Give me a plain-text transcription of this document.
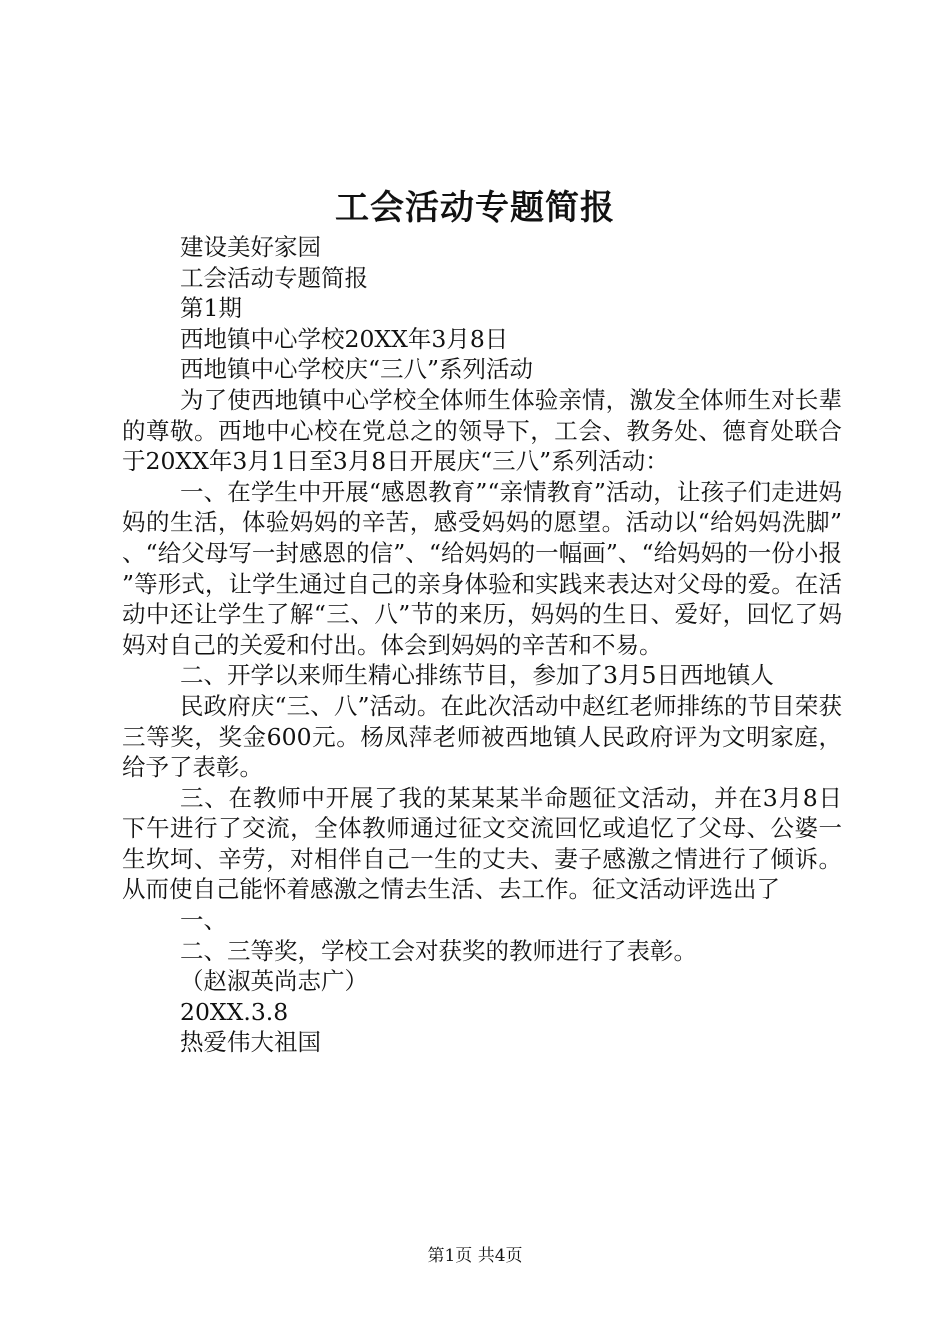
工会活动专题简报

建设美好家园

工会活动专题简报

第1期

西地镇中心学校20XX年3月8日

西地镇中心学校庆“三八”系列活动

为了使西地镇中心学校全体师生体验亲情，激发全体师生对长辈的尊敬。西地中心校在党总之的领导下，工会、教务处、德育处联合于20XX年3月1日至3月8日开展庆“三八”系列活动：

一、在学生中开展“感恩教育”“亲情教育”活动，让孩子们走进妈妈的生活，体验妈妈的辛苦，感受妈妈的愿望。活动以“给妈妈洗脚”、“给父母写一封感恩的信”、“给妈妈的一幅画”、“给妈妈的一份小报”等形式，让学生通过自己的亲身体验和实践来表达对父母的爱。在活动中还让学生了解“三、八”节的来历，妈妈的生日、爱好，回忆了妈妈对自己的关爱和付出。体会到妈妈的辛苦和不易。

二、开学以来师生精心排练节目，参加了3月5日西地镇人

民政府庆“三、八”活动。在此次活动中赵红老师排练的节目荣获三等奖，奖金600元。杨凤萍老师被西地镇人民政府评为文明家庭，给予了表彰。

三、在教师中开展了我的某某某半命题征文活动，并在3月8日下午进行了交流，全体教师通过征文交流回忆或追忆了父母、公婆一生坎坷、辛劳，对相伴自己一生的丈夫、妻子感激之情进行了倾诉。从而使自己能怀着感激之情去生活、去工作。征文活动评选出了

一、

二、三等奖，学校工会对获奖的教师进行了表彰。

（赵淑英尚志广）

20XX.3.8

热爱伟大祖国

第1页 共4页
